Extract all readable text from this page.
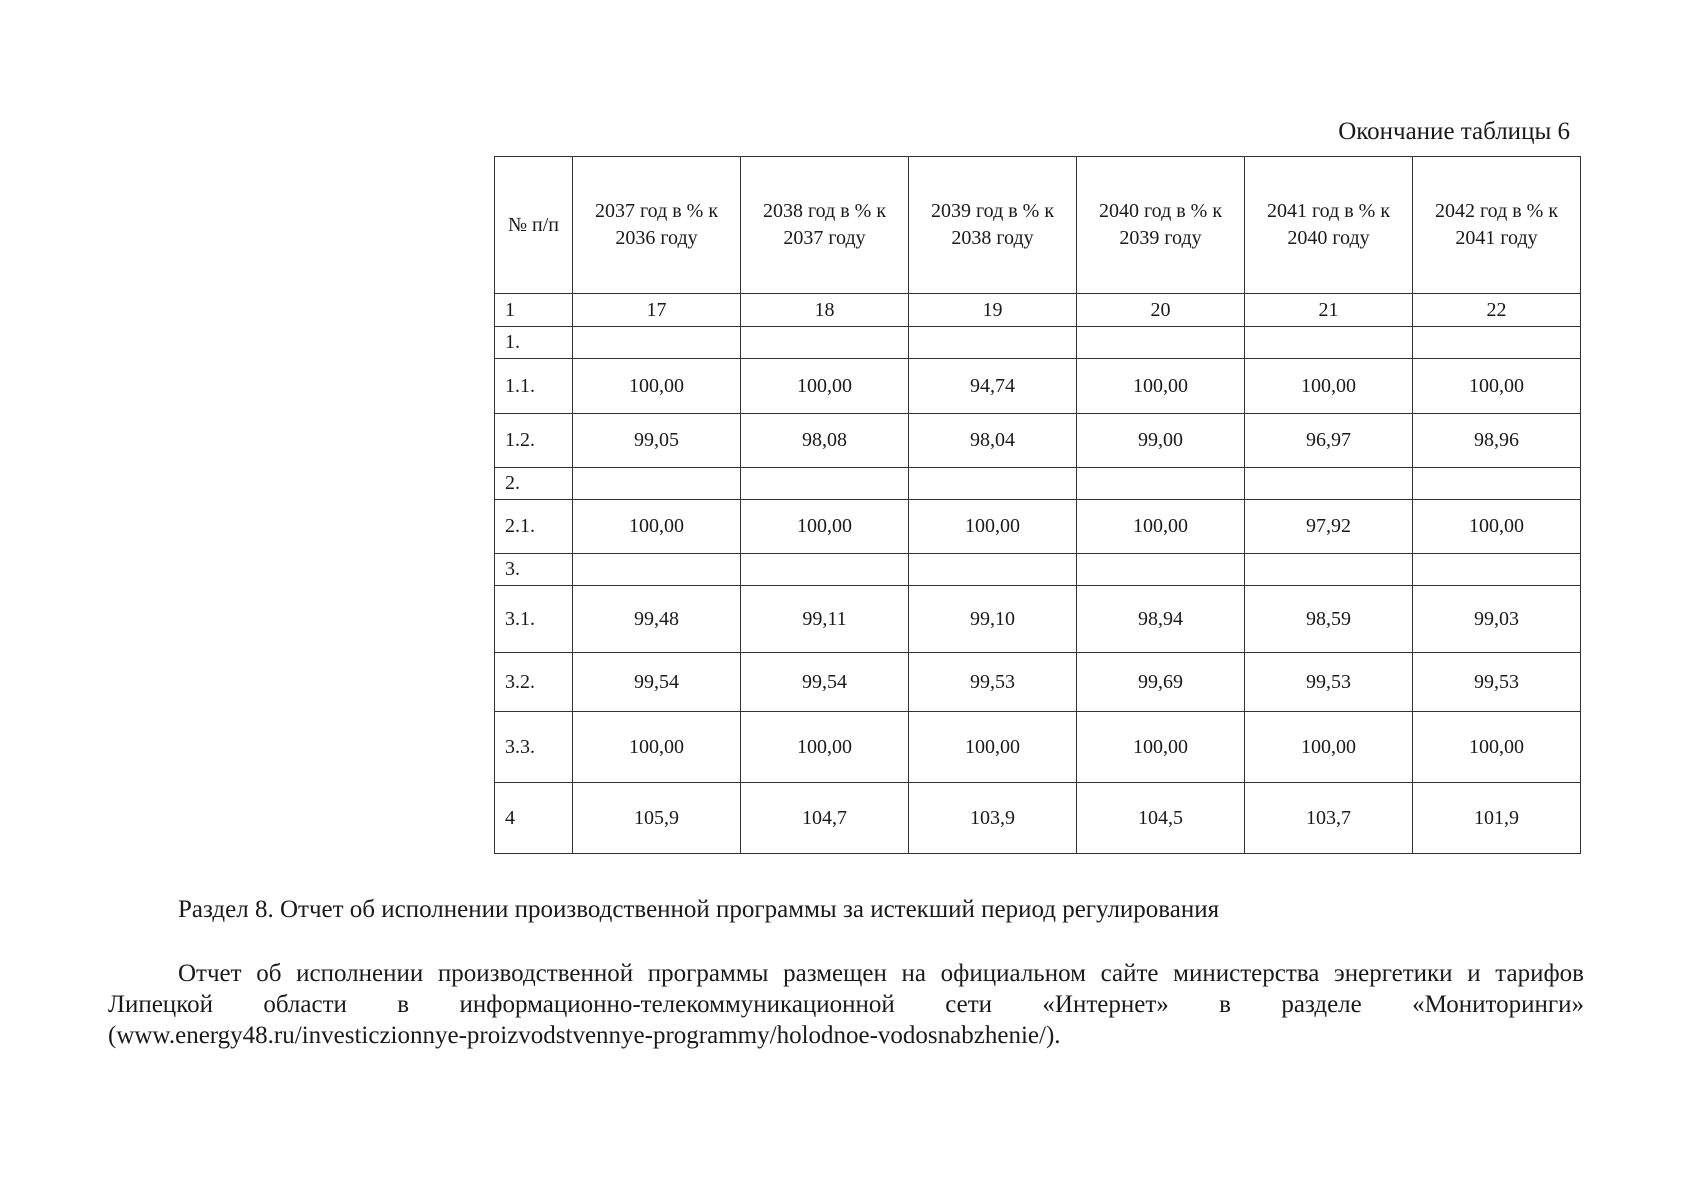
Окончание таблицы 6
№ п/п	2037 год в % к 2036 году	2038 год в % к 2037 году	2039 год в % к 2038 году	2040 год в % к 2039 году	2041 год в % к 2040 году	2042 год в % к 2041 году
1	17	18	19	20	21	22
1.						
1.1.	100,00	100,00	94,74	100,00	100,00	100,00
1.2.	99,05	98,08	98,04	99,00	96,97	98,96
2.						
2.1.	100,00	100,00	100,00	100,00	97,92	100,00
3.						
3.1.	99,48	99,11	99,10	98,94	98,59	99,03
3.2.	99,54	99,54	99,53	99,69	99,53	99,53
3.3.	100,00	100,00	100,00	100,00	100,00	100,00
4	105,9	104,7	103,9	104,5	103,7	101,9
Раздел 8. Отчет об исполнении производственной программы за истекший период регулирования

Отчет об исполнении производственной программы размещен на официальном сайте министерства энергетики и тарифов Липецкой области в информационно-телекоммуникационной сети «Интернет» в разделе «Мониторинги» (www.energy48.ru/investiczionnye-proizvodstvennye-programmy/holodnoe-vodosnabzhenie/).
